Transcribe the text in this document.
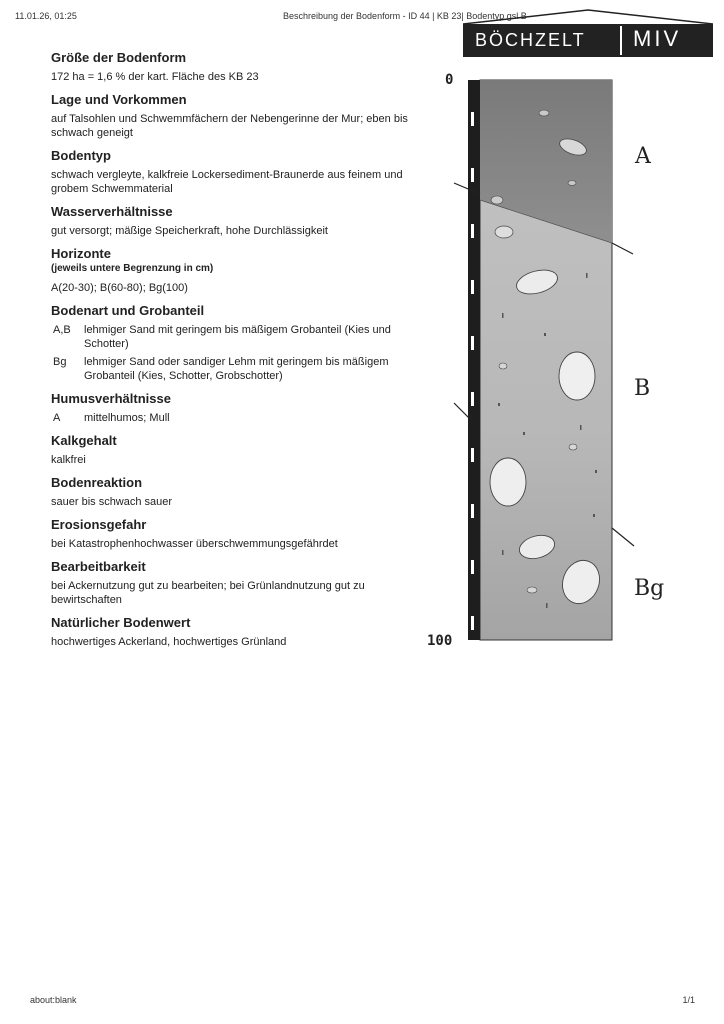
11.01.26, 01:25	Beschreibung der Bodenform - ID 44 | KB 23| Bodentyp gsl B
BÖCHZELT	MIV
Größe der Bodenform

172 ha = 1,6 % der kart. Fläche des KB 23

Lage und Vorkommen

auf Talsohlen und Schwemmfächern der Nebengerinne der Mur; eben bis schwach geneigt

Bodentyp

schwach vergleyte, kalkfreie Lockersediment-Braunerde aus feinem und grobem Schwemmaterial

Wasserverhältnisse

gut versorgt; mäßige Speicherkraft, hohe Durchlässigkeit

Horizonte
(jeweils untere Begrenzung in cm)

A(20-30); B(60-80); Bg(100)

Bodenart und Grobanteil
A,B	lehmiger Sand mit geringem bis mäßigem Grobanteil (Kies und Schotter)
Bg	lehmiger Sand oder sandiger Lehm mit geringem bis mäßigem Grobanteil (Kies, Schotter, Grobschotter)
Humusverhältnisse
A	mittelhumos; Mull
Kalkgehalt

kalkfrei

Bodenreaktion

sauer bis schwach sauer

Erosionsgefahr

bei Katastrophenhochwasser überschwemmungsgefährdet

Bearbeitbarkeit

bei Ackernutzung gut zu bearbeiten; bei Grünlandnutzung gut zu bewirtschaften

Natürlicher Bodenwert

hochwertiges Ackerland, hochwertiges Grünland

0
100
A
B
Bg
about:blank	1/1
